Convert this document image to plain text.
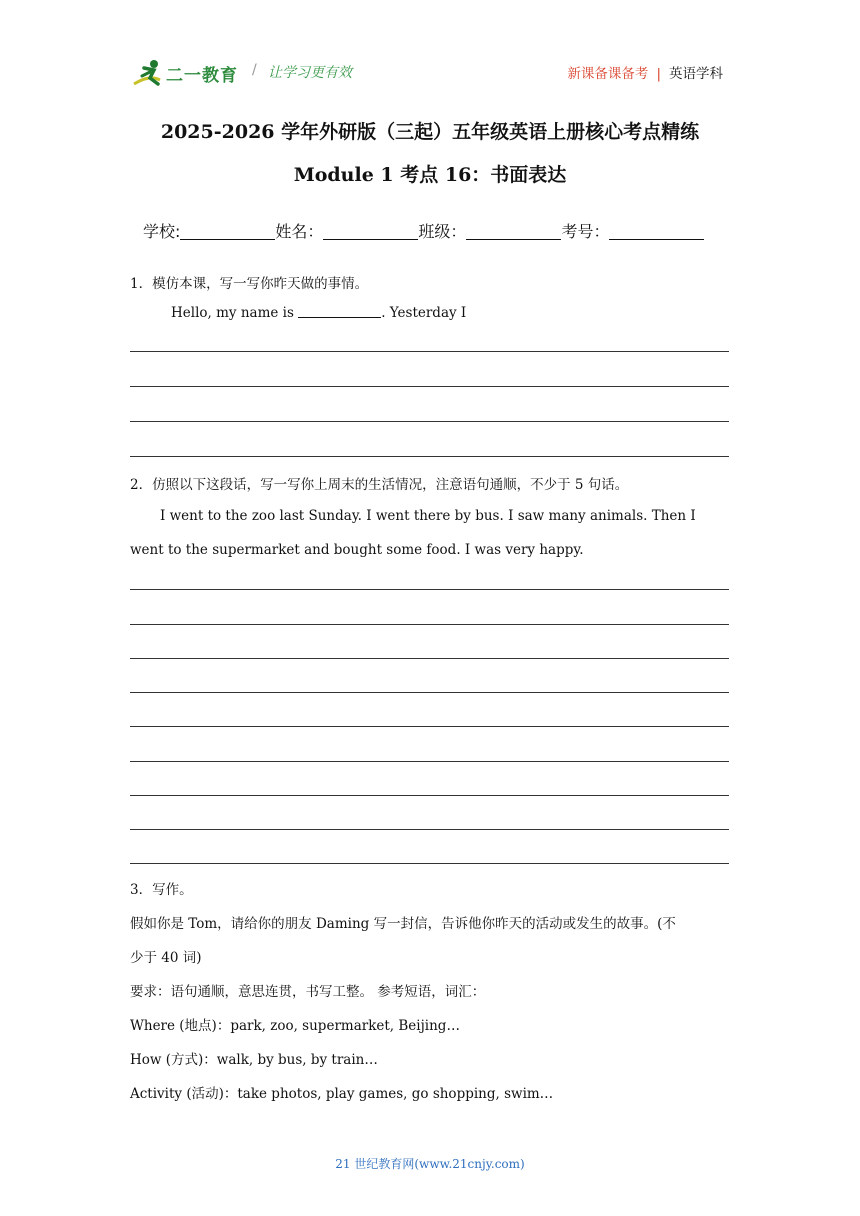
二一教育 / 让学习更有效	新课备课备考 | 英语学科
2025-2026 学年外研版（三起）五年级英语上册核心考点精练
Module 1 考点 16：书面表达
学校:	姓名：	班级：	考号：
1．模仿本课，写一写你昨天做的事情。
Hello, my name is	. Yesterday I
2．仿照以下这段话，写一写你上周末的生活情况，注意语句通顺，不少于 5 句话。
I went to the zoo last Sunday. I went there by bus. I saw many animals. Then I went to the supermarket and bought some food. I was very happy.
3．写作。
假如你是 Tom，请给你的朋友 Daming 写一封信，告诉他你昨天的活动或发生的故事。(不
少于 40 词)
要求：语句通顺，意思连贯，书写工整。 参考短语，词汇：
Where (地点)：park, zoo, supermarket, Beijing…
How (方式)：walk, by bus, by train…
Activity (活动)：take photos, play games, go shopping, swim…
21 世纪教育网(www.21cnjy.com)
